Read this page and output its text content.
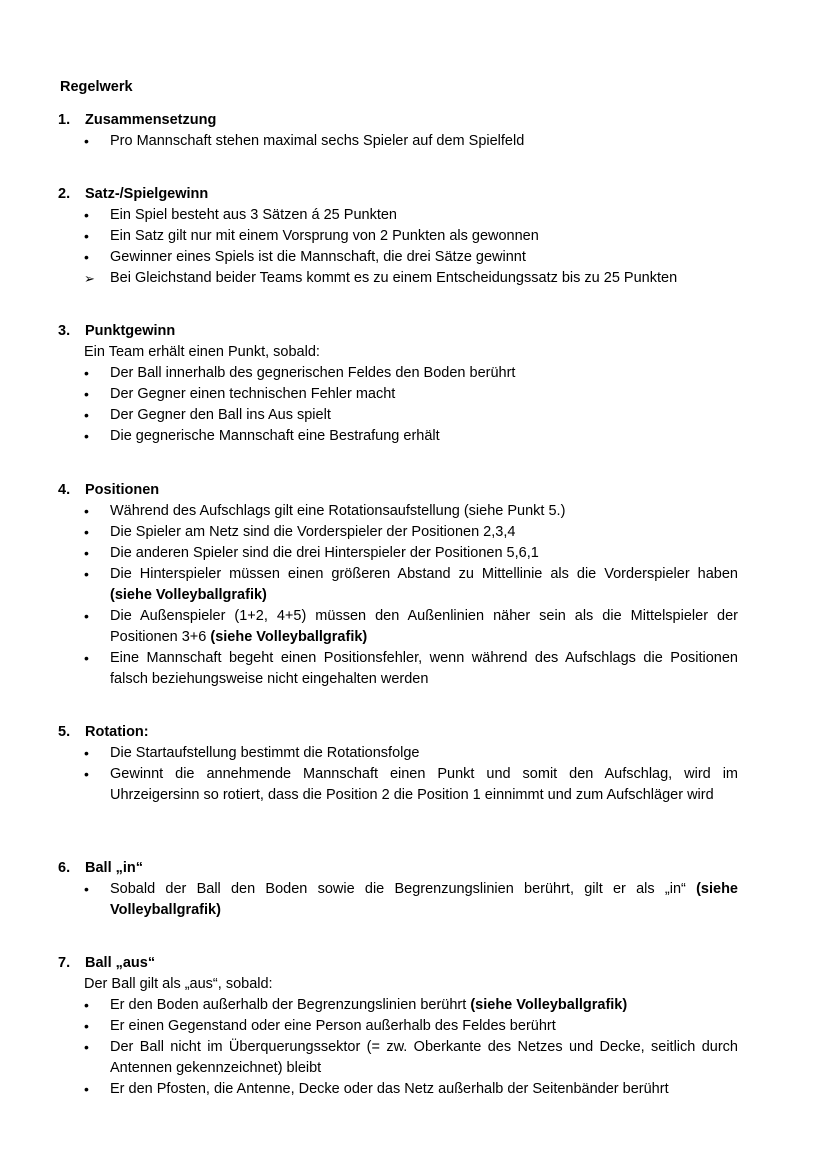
Regelwerk
1. Zusammensetzung
•	Pro Mannschaft stehen maximal sechs Spieler auf dem Spielfeld
2. Satz-/Spielgewinn
•	Ein Spiel besteht aus 3 Sätzen á 25 Punkten
•	Ein Satz gilt nur mit einem Vorsprung von 2 Punkten als gewonnen
•	Gewinner eines Spiels ist die Mannschaft, die drei Sätze gewinnt
➢	Bei Gleichstand beider Teams kommt es zu einem Entscheidungssatz bis zu 25 Punkten
3. Punktgewinn
Ein Team erhält einen Punkt, sobald:
•	Der Ball innerhalb des gegnerischen Feldes den Boden berührt
•	Der Gegner einen technischen Fehler macht
•	Der Gegner den Ball ins Aus spielt
•	Die gegnerische Mannschaft eine Bestrafung erhält
4. Positionen
•	Während des Aufschlags gilt eine Rotationsaufstellung (siehe Punkt 5.)
•	Die Spieler am Netz sind die Vorderspieler der Positionen 2,3,4
•	Die anderen Spieler sind die drei Hinterspieler der Positionen 5,6,1
•	Die Hinterspieler müssen einen größeren Abstand zu Mittellinie als die Vorderspieler haben (siehe Volleyballgrafik)
•	Die Außenspieler (1+2, 4+5) müssen den Außenlinien näher sein als die Mittelspieler der Positionen 3+6 (siehe Volleyballgrafik)
•	Eine Mannschaft begeht einen Positionsfehler, wenn während des Aufschlags die Positionen falsch beziehungsweise nicht eingehalten werden
5. Rotation:
•	Die Startaufstellung bestimmt die Rotationsfolge
•	Gewinnt die annehmende Mannschaft einen Punkt und somit den Aufschlag, wird im Uhrzeigersinn so rotiert, dass die Position 2 die Position 1 einnimmt und zum Aufschläger wird
6. Ball „in“
•	Sobald der Ball den Boden sowie die Begrenzungslinien berührt, gilt er als „in“ (siehe Volleyballgrafik)
7. Ball „aus“
Der Ball gilt als „aus“, sobald:
•	Er den Boden außerhalb der Begrenzungslinien berührt (siehe Volleyballgrafik)
•	Er einen Gegenstand oder eine Person außerhalb des Feldes berührt
•	Der Ball nicht im Überquerungssektor (= zw. Oberkante des Netzes und Decke, seitlich durch Antennen gekennzeichnet) bleibt
•	Er den Pfosten, die Antenne, Decke oder das Netz außerhalb der Seitenbänder berührt
